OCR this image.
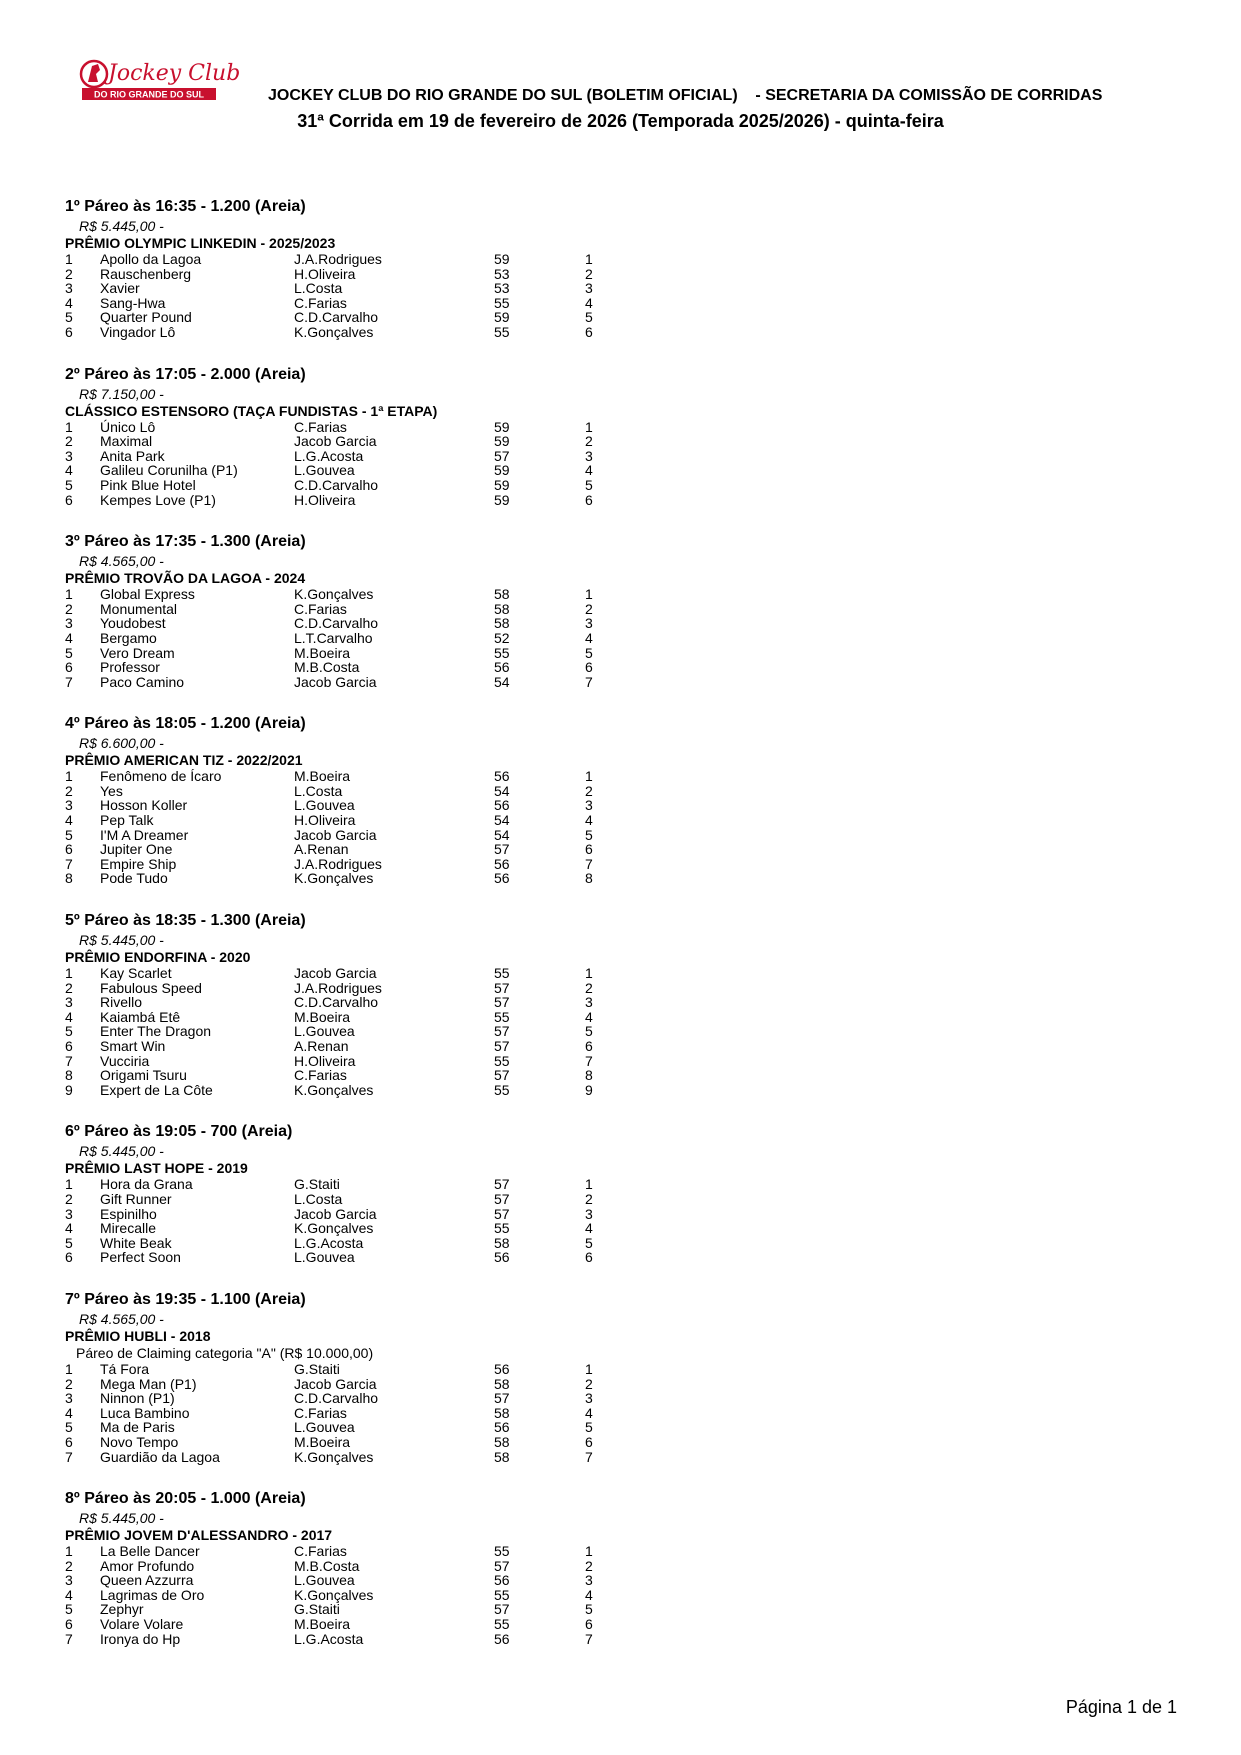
Jockey Club
DO RIO GRANDE DO SUL	JOCKEY CLUB DO RIO GRANDE DO SUL (BOLETIM OFICIAL)    - SECRETARIA DA COMISSÃO DE CORRIDAS
31ª Corrida em 19 de fevereiro de 2026 (Temporada 2025/2026) - quinta-feira
1º Páreo às 16:35 - 1.200 (Areia)
R$ 5.445,00 -
PRÊMIO OLYMPIC LINKEDIN - 2025/2023
1 Apollo da Lagoa	J.A.Rodrigues	59	1
2 Rauschenberg	H.Oliveira	53	2
3 Xavier	L.Costa	53	3
4 Sang-Hwa	C.Farias	55	4
5 Quarter Pound	C.D.Carvalho	59	5
6 Vingador Lô	K.Gonçalves	55	6
2º Páreo às 17:05 - 2.000 (Areia)
R$ 7.150,00 -
CLÁSSICO ESTENSORO (TAÇA FUNDISTAS - 1ª ETAPA)
1 Único Lô	C.Farias	59	1
2 Maximal	Jacob Garcia	59	2
3 Anita Park	L.G.Acosta	57	3
4 Galileu Corunilha (P1)	L.Gouvea	59	4
5 Pink Blue Hotel	C.D.Carvalho	59	5
6 Kempes Love (P1)	H.Oliveira	59	6
3º Páreo às 17:35 - 1.300 (Areia)
R$ 4.565,00 -
PRÊMIO TROVÃO DA LAGOA - 2024
1 Global Express	K.Gonçalves	58	1
2 Monumental	C.Farias	58	2
3 Youdobest	C.D.Carvalho	58	3
4 Bergamo	L.T.Carvalho	52	4
5 Vero Dream	M.Boeira	55	5
6 Professor	M.B.Costa	56	6
7 Paco Camino	Jacob Garcia	54	7
4º Páreo às 18:05 - 1.200 (Areia)
R$ 6.600,00 -
PRÊMIO AMERICAN TIZ - 2022/2021
1 Fenômeno de Ícaro	M.Boeira	56	1
2 Yes	L.Costa	54	2
3 Hosson Koller	L.Gouvea	56	3
4 Pep Talk	H.Oliveira	54	4
5 I'M A Dreamer	Jacob Garcia	54	5
6 Jupiter One	A.Renan	57	6
7 Empire Ship	J.A.Rodrigues	56	7
8 Pode Tudo	K.Gonçalves	56	8
5º Páreo às 18:35 - 1.300 (Areia)
R$ 5.445,00 -
PRÊMIO ENDORFINA - 2020
1 Kay Scarlet	Jacob Garcia	55	1
2 Fabulous Speed	J.A.Rodrigues	57	2
3 Rivello	C.D.Carvalho	57	3
4 Kaiambá Etê	M.Boeira	55	4
5 Enter The Dragon	L.Gouvea	57	5
6 Smart Win	A.Renan	57	6
7 Vucciria	H.Oliveira	55	7
8 Origami Tsuru	C.Farias	57	8
9 Expert de La Côte	K.Gonçalves	55	9
6º Páreo às 19:05 - 700 (Areia)
R$ 5.445,00 -
PRÊMIO LAST HOPE - 2019
1 Hora da Grana	G.Staiti	57	1
2 Gift Runner	L.Costa	57	2
3 Espinilho	Jacob Garcia	57	3
4 Mirecalle	K.Gonçalves	55	4
5 White Beak	L.G.Acosta	58	5
6 Perfect Soon	L.Gouvea	56	6
7º Páreo às 19:35 - 1.100 (Areia)
R$ 4.565,00 -
PRÊMIO HUBLI - 2018
Páreo de Claiming categoria "A" (R$ 10.000,00)
1 Tá Fora	G.Staiti	56	1
2 Mega Man (P1)	Jacob Garcia	58	2
3 Ninnon (P1)	C.D.Carvalho	57	3
4 Luca Bambino	C.Farias	58	4
5 Ma de Paris	L.Gouvea	56	5
6 Novo Tempo	M.Boeira	58	6
7 Guardião da Lagoa	K.Gonçalves	58	7
8º Páreo às 20:05 - 1.000 (Areia)
R$ 5.445,00 -
PRÊMIO JOVEM D'ALESSANDRO - 2017
1 La Belle Dancer	C.Farias	55	1
2 Amor Profundo	M.B.Costa	57	2
3 Queen Azzurra	L.Gouvea	56	3
4 Lagrimas de Oro	K.Gonçalves	55	4
5 Zephyr	G.Staiti	57	5
6 Volare Volare	M.Boeira	55	6
7 Ironya do Hp	L.G.Acosta	56	7
Página 1 de 1
